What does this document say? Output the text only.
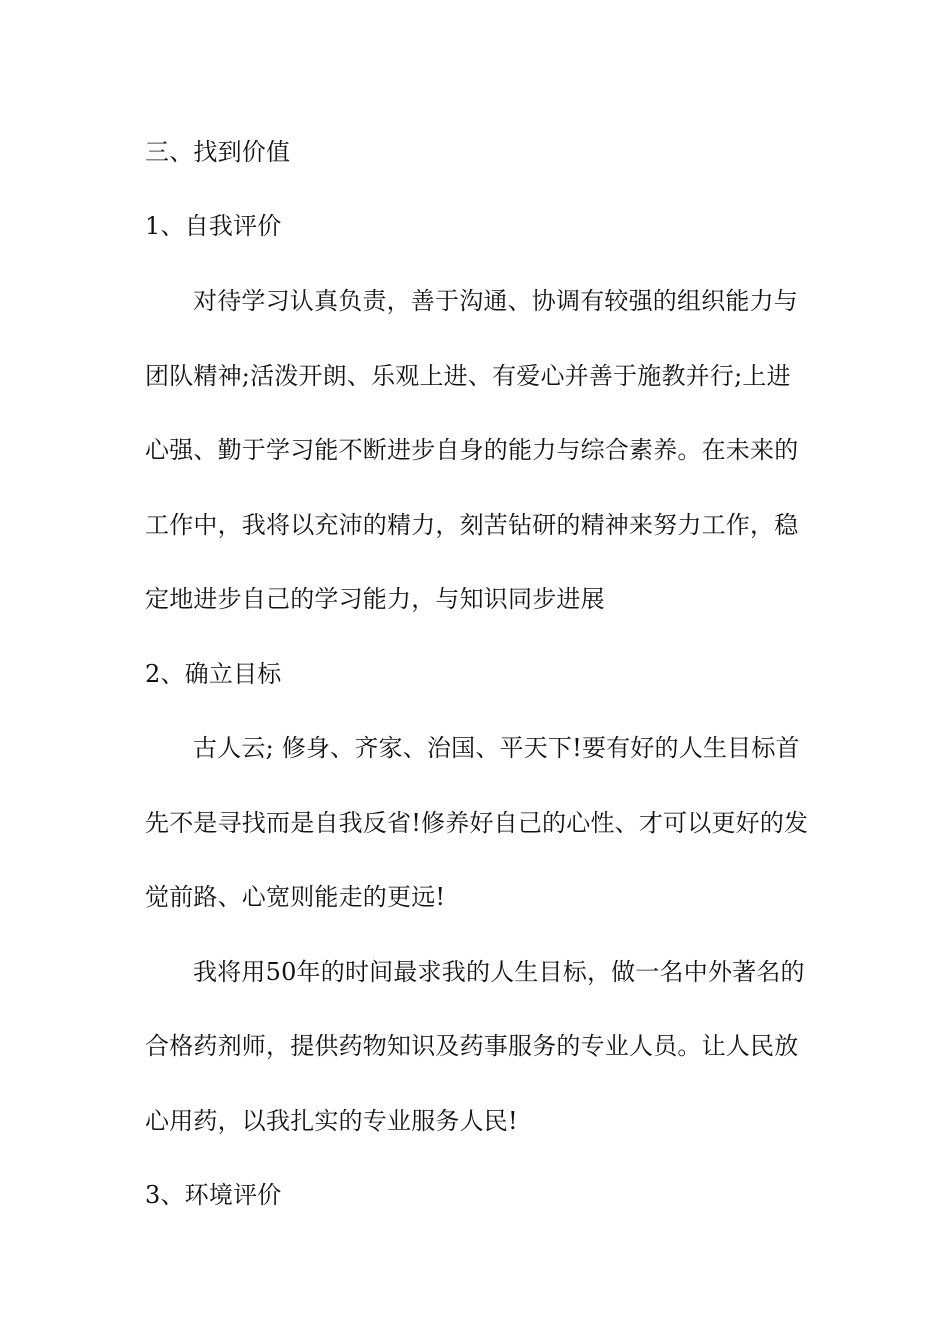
三、找到价值
1、自我评价
对待学习认真负责，善于沟通、协调有较强的组织能力与
团队精神;活泼开朗、乐观上进、有爱心并善于施教并行;上进
心强、勤于学习能不断进步自身的能力与综合素养。在未来的
工作中，我将以充沛的精力，刻苦钻研的精神来努力工作，稳
定地进步自己的学习能力，与知识同步进展
2、确立目标
古人云; 修身、齐家、治国、平天下!要有好的人生目标首
先不是寻找而是自我反省!修养好自己的心性、才可以更好的发
觉前路、心宽则能走的更远!
我将用50年的时间最求我的人生目标，做一名中外著名的
合格药剂师，提供药物知识及药事服务的专业人员。让人民放
心用药，以我扎实的专业服务人民!
3、环境评价
